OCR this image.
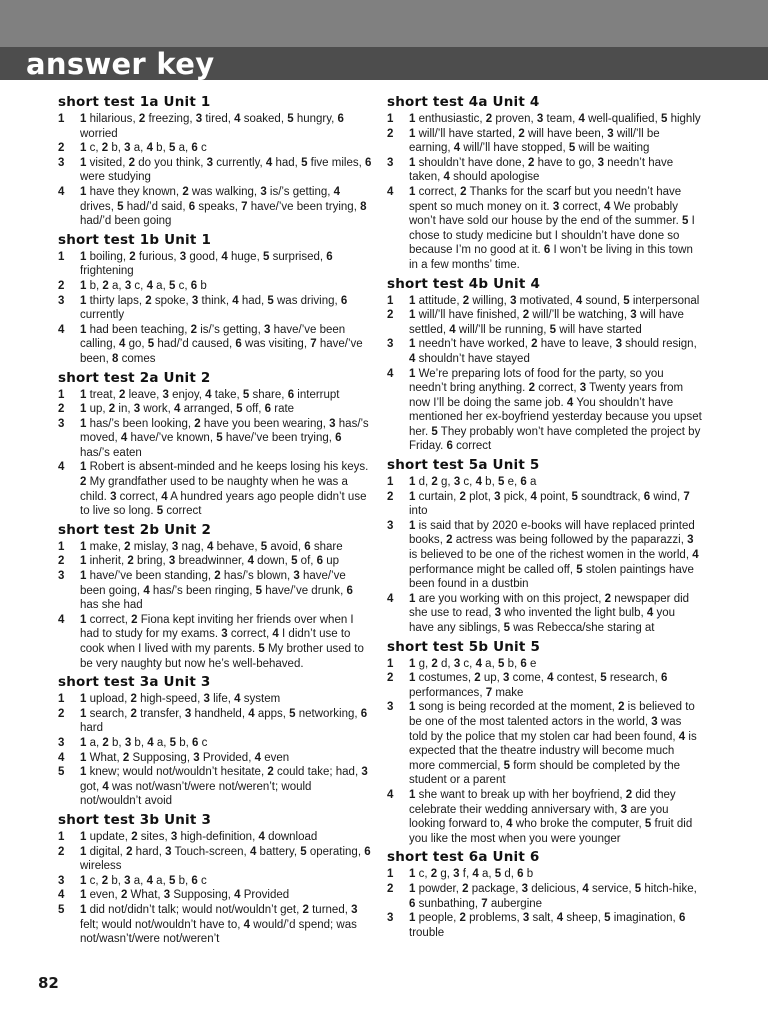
answer key
short test 1a Unit 1
1 1 hilarious, 2 freezing, 3 tired, 4 soaked, 5 hungry, 6 worried
2 1 c, 2 b, 3 a, 4 b, 5 a, 6 c
3 1 visited, 2 do you think, 3 currently, 4 had, 5 five miles, 6 were studying
4 1 have they known, 2 was walking, 3 is/’s getting, 4 drives, 5 had/’d said, 6 speaks, 7 have/’ve been trying, 8 had/’d been going
short test 1b Unit 1
1 1 boiling, 2 furious, 3 good, 4 huge, 5 surprised, 6 frightening
2 1 b, 2 a, 3 c, 4 a, 5 c, 6 b
3 1 thirty laps, 2 spoke, 3 think, 4 had, 5 was driving, 6 currently
4 1 had been teaching, 2 is/’s getting, 3 have/’ve been calling, 4 go, 5 had/’d caused, 6 was visiting, 7 have/’ve been, 8 comes
short test 2a Unit 2
1 1 treat, 2 leave, 3 enjoy, 4 take, 5 share, 6 interrupt
2 1 up, 2 in, 3 work, 4 arranged, 5 off, 6 rate
3 1 has/’s been looking, 2 have you been wearing, 3 has/’s moved, 4 have/’ve known, 5 have/’ve been trying, 6 has/’s eaten
4 1 Robert is absent-minded and he keeps losing his keys. 2 My grandfather used to be naughty when he was a child. 3 correct, 4 A hundred years ago people didn’t use to live so long. 5 correct
short test 2b Unit 2
1 1 make, 2 mislay, 3 nag, 4 behave, 5 avoid, 6 share
2 1 inherit, 2 bring, 3 breadwinner, 4 down, 5 of, 6 up
3 1 have/’ve been standing, 2 has/’s blown, 3 have/’ve been going, 4 has/’s been ringing, 5 have/’ve drunk, 6 has she had
4 1 correct, 2 Fiona kept inviting her friends over when I had to study for my exams. 3 correct, 4 I didn’t use to cook when I lived with my parents. 5 My brother used to be very naughty but now he’s well-behaved.
short test 3a Unit 3
1 1 upload, 2 high-speed, 3 life, 4 system
2 1 search, 2 transfer, 3 handheld, 4 apps, 5 networking, 6 hard
3 1 a, 2 b, 3 b, 4 a, 5 b, 6 c
4 1 What, 2 Supposing, 3 Provided, 4 even
5 1 knew; would not/wouldn’t hesitate, 2 could take; had, 3 got, 4 was not/wasn’t/were not/weren’t; would not/wouldn’t avoid
short test 3b Unit 3
1 1 update, 2 sites, 3 high-definition, 4 download
2 1 digital, 2 hard, 3 Touch-screen, 4 battery, 5 operating, 6 wireless
3 1 c, 2 b, 3 a, 4 a, 5 b, 6 c
4 1 even, 2 What, 3 Supposing, 4 Provided
5 1 did not/didn’t talk; would not/wouldn’t get, 2 turned, 3 felt; would not/wouldn’t have to, 4 would/’d spend; was not/wasn’t/were not/weren’t
short test 4a Unit 4
1 1 enthusiastic, 2 proven, 3 team, 4 well-qualified, 5 highly
2 1 will/’ll have started, 2 will have been, 3 will/’ll be earning, 4 will/’ll have stopped, 5 will be waiting
3 1 shouldn’t have done, 2 have to go, 3 needn’t have taken, 4 should apologise
4 1 correct, 2 Thanks for the scarf but you needn’t have spent so much money on it. 3 correct, 4 We probably won’t have sold our house by the end of the summer. 5 I chose to study medicine but I shouldn’t have done so because I’m no good at it. 6 I won’t be living in this town in a few months’ time.
short test 4b Unit 4
1 1 attitude, 2 willing, 3 motivated, 4 sound, 5 interpersonal
2 1 will/’ll have finished, 2 will/’ll be watching, 3 will have settled, 4 will/’ll be running, 5 will have started
3 1 needn’t have worked, 2 have to leave, 3 should resign, 4 shouldn’t have stayed
4 1 We’re preparing lots of food for the party, so you needn’t bring anything. 2 correct, 3 Twenty years from now I’ll be doing the same job. 4 You shouldn’t have mentioned her ex-boyfriend yesterday because you upset her. 5 They probably won’t have completed the project by Friday. 6 correct
short test 5a Unit 5
1 1 d, 2 g, 3 c, 4 b, 5 e, 6 a
2 1 curtain, 2 plot, 3 pick, 4 point, 5 soundtrack, 6 wind, 7 into
3 1 is said that by 2020 e-books will have replaced printed books, 2 actress was being followed by the paparazzi, 3 is believed to be one of the richest women in the world, 4 performance might be called off, 5 stolen paintings have been found in a dustbin
4 1 are you working with on this project, 2 newspaper did she use to read, 3 who invented the light bulb, 4 you have any siblings, 5 was Rebecca/she staring at
short test 5b Unit 5
1 1 g, 2 d, 3 c, 4 a, 5 b, 6 e
2 1 costumes, 2 up, 3 come, 4 contest, 5 research, 6 performances, 7 make
3 1 song is being recorded at the moment, 2 is believed to be one of the most talented actors in the world, 3 was told by the police that my stolen car had been found, 4 is expected that the theatre industry will become much more commercial, 5 form should be completed by the student or a parent
4 1 she want to break up with her boyfriend, 2 did they celebrate their wedding anniversary with, 3 are you looking forward to, 4 who broke the computer, 5 fruit did you like the most when you were younger
short test 6a Unit 6
1 1 c, 2 g, 3 f, 4 a, 5 d, 6 b
2 1 powder, 2 package, 3 delicious, 4 service, 5 hitch-hike, 6 sunbathing, 7 aubergine
3 1 people, 2 problems, 3 salt, 4 sheep, 5 imagination, 6 trouble
82
